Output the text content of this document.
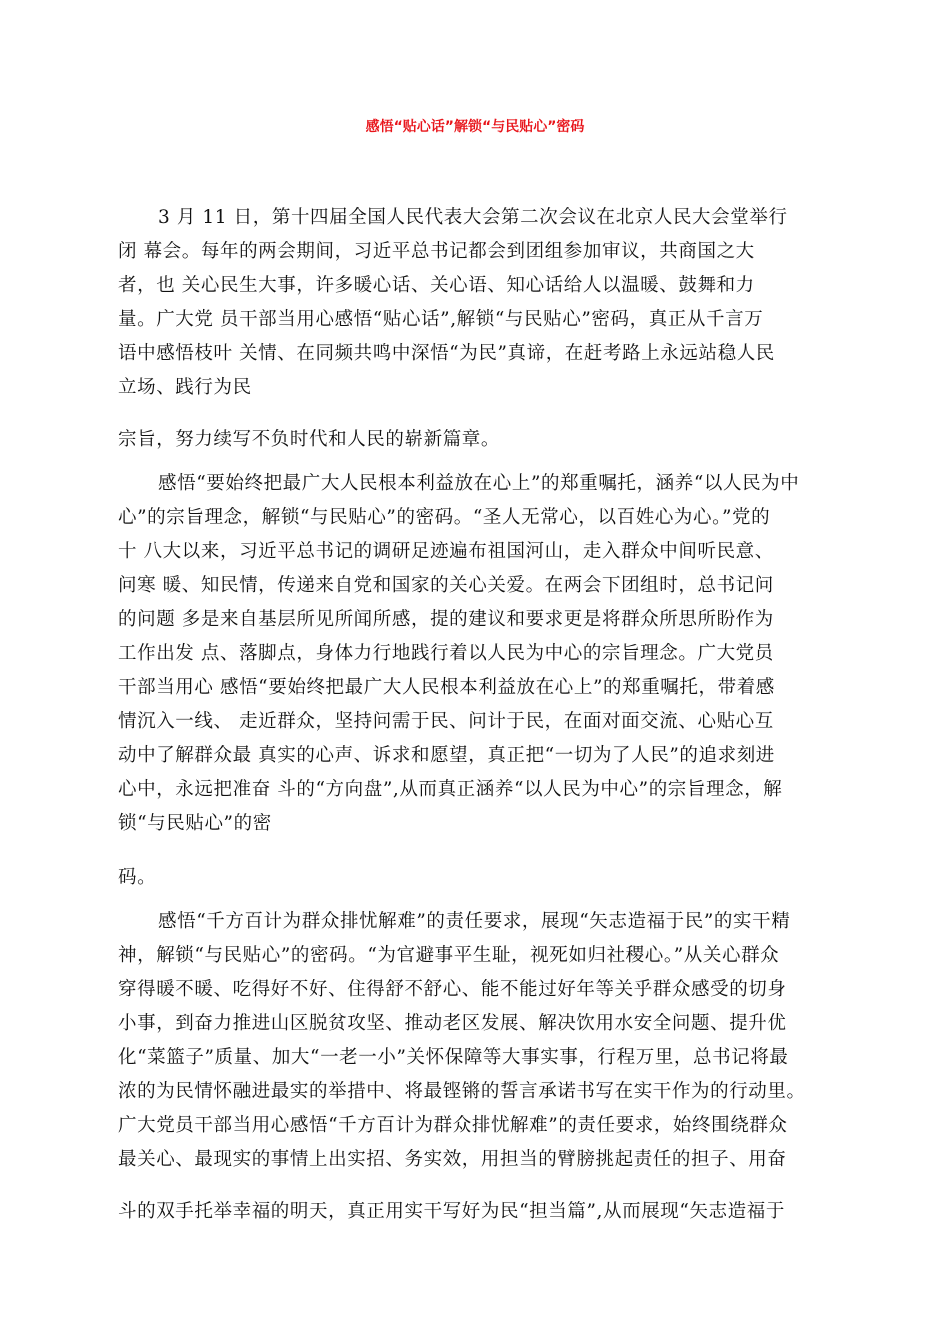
感悟“贴心话”解锁“与民贴心”密码
3 月 11 日，第十四届全国人民代表大会第二次会议在北京人民大会堂举行
闭 幕会。每年的两会期间，习近平总书记都会到团组参加审议，共商国之大
者，也 关心民生大事，许多暖心话、关心语、知心话给人以温暖、鼓舞和力
量。广大党 员干部当用心感悟“贴心话”,解锁“与民贴心”密码，真正从千言万
语中感悟枝叶 关情、在同频共鸣中深悟“为民”真谛，在赶考路上永远站稳人民
立场、践行为民
宗旨，努力续写不负时代和人民的崭新篇章。
感悟“要始终把最广大人民根本利益放在心上”的郑重嘱托，涵养“以人民为中
心”的宗旨理念，解锁“与民贴心”的密码。“圣人无常心，以百姓心为心。”党的
十 八大以来，习近平总书记的调研足迹遍布祖国河山，走入群众中间听民意、
问寒 暖、知民情，传递来自党和国家的关心关爱。在两会下团组时，总书记问
的问题 多是来自基层所见所闻所感，提的建议和要求更是将群众所思所盼作为
工作出发 点、落脚点，身体力行地践行着以人民为中心的宗旨理念。广大党员
干部当用心 感悟“要始终把最广大人民根本利益放在心上”的郑重嘱托，带着感
情沉入一线、 走近群众，坚持问需于民、问计于民，在面对面交流、心贴心互
动中了解群众最 真实的心声、诉求和愿望，真正把“一切为了人民”的追求刻进
心中，永远把准奋 斗的“方向盘”,从而真正涵养“以人民为中心”的宗旨理念，解
锁“与民贴心”的密
码。
感悟“千方百计为群众排忧解难”的责任要求，展现“矢志造福于民”的实干精
神，解锁“与民贴心”的密码。“为官避事平生耻，视死如归社稷心。”从关心群众
穿得暖不暖、吃得好不好、住得舒不舒心、能不能过好年等关乎群众感受的切身
小事，到奋力推进山区脱贫攻坚、推动老区发展、解决饮用水安全问题、提升优
化“菜篮子”质量、加大“一老一小”关怀保障等大事实事，行程万里，总书记将最
浓的为民情怀融进最实的举措中、将最铿锵的誓言承诺书写在实干作为的行动里。
广大党员干部当用心感悟“千方百计为群众排忧解难”的责任要求，始终围绕群众
最关心、最现实的事情上出实招、务实效，用担当的臂膀挑起责任的担子、用奋
斗的双手托举幸福的明天，真正用实干写好为民“担当篇”,从而展现“矢志造福于
